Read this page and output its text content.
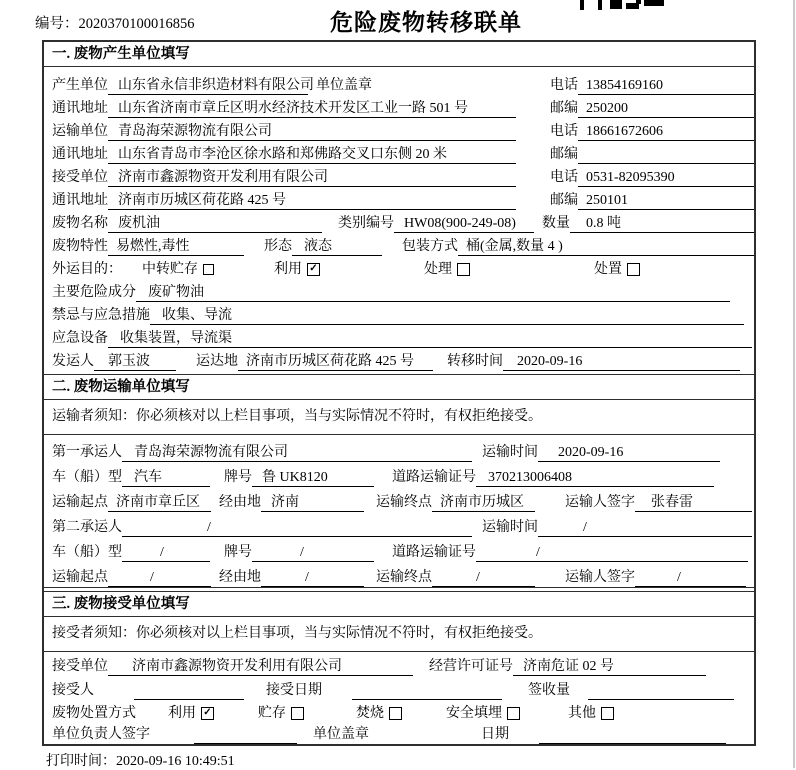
编号：2020370100016856	危险废物转移联单
一. 废物产生单位填写
产生单位 山东省永信非织造材料有限公司 单位盖章	电话 13854169160
通讯地址 山东省济南市章丘区明水经济技术开发区工业一路 501 号	邮编 250200
运输单位 青岛海荣源物流有限公司	电话 18661672606
通讯地址 山东省青岛市李沧区徐水路和郑佛路交叉口东侧 20 米	邮编
接受单位 济南市鑫源物资开发利用有限公司	电话 0531-82095390
通讯地址 济南市历城区荷花路 425 号	邮编 250101
废物名称 废机油	类别编号 HW08(900-249-08)	数量	0.8 吨
废物特性 易燃性,毒性	形态 液态	包装方式 桶(金属,数量 4 )
外运目的：	中转贮存	利用 ✓	处理	处置
主要危险成分 废矿物油
禁忌与应急措施 收集、导流
应急设备 收集装置，导流渠
发运人	郭玉波	运达地 济南市历城区荷花路 425 号	转移时间	2020-09-16
二. 废物运输单位填写
运输者须知：你必须核对以上栏目事项，当与实际情况不符时，有权拒绝接受。
第一承运人 青岛海荣源物流有限公司	运输时间	2020-09-16
车（船）型 汽车	牌号 鲁 UK8120	道路运输证号 370213006408
运输起点 济南市章丘区	经由地 济南	运输终点 济南市历城区	运输人签字	张春雷
第二承运人	/	运输时间	/
车（船）型	/	牌号	/	道路运输证号	/
运输起点	/	经由地	/	运输终点	/	运输人签字	/
三. 废物接受单位填写
接受者须知：你必须核对以上栏目事项，当与实际情况不符时，有权拒绝接受。
接受单位	济南市鑫源物资开发利用有限公司	经营许可证号 济南危证 02 号
接受人	接受日期	签收量
废物处置方式	利用 ✓	贮存	焚烧	安全填埋	其他
单位负责人签字	单位盖章	日期
打印时间：2020-09-16 10:49:51
